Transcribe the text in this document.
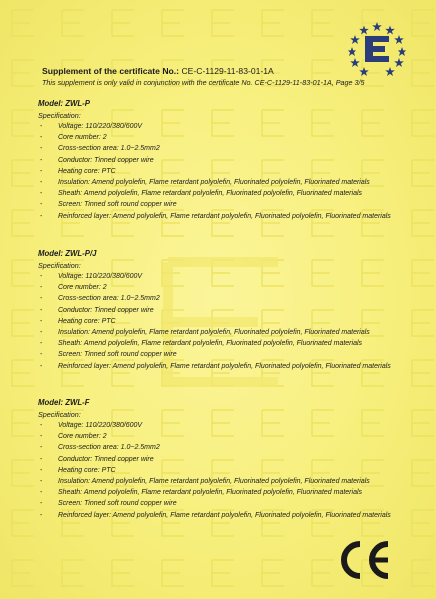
Supplement of the certificate No.: CE-C-1129-11-83-01-1A
This supplement is only valid in conjunction with the certificate No. CE-C-1129-11-83-01-1A, Page 3/5
Model: ZWL-P
Specification:
- Voltage: 110/220/380/600V
- Core number: 2
- Cross-section area: 1.0~2.5mm2
- Conductor: Tinned copper wire
- Heating core: PTC
- Insulation: Amend polyolefin, Flame retardant polyolefin, Fluorinated polyolefin, Fluorinated materials
- Sheath: Amend polyolefin, Flame retardant polyolefin, Fluorinated polyolefin, Fluorinated materials
- Screen: Tinned soft round copper wire
- Reinforced layer: Amend polyolefin, Flame retardant polyolefin, Fluorinated polyolefin, Fluorinated materials
Model: ZWL-P/J
Specification:
- Voltage: 110/220/380/600V
- Core number: 2
- Cross-section area: 1.0~2.5mm2
- Conductor: Tinned copper wire
- Heating core: PTC
- Insulation: Amend polyolefin, Flame retardant polyolefin, Fluorinated polyolefin, Fluorinated materials
- Sheath: Amend polyolefin, Flame retardant polyolefin, Fluorinated polyolefin, Fluorinated materials
- Screen: Tinned soft round copper wire
- Reinforced layer: Amend polyolefin, Flame retardant polyolefin, Fluorinated polyolefin, Fluorinated materials
Model: ZWL-F
Specification:
- Voltage: 110/220/380/600V
- Core number: 2
- Cross-section area: 1.0~2.5mm2
- Conductor: Tinned copper wire
- Heating core: PTC
- Insulation: Amend polyolefin, Flame retardant polyolefin, Fluorinated polyolefin, Fluorinated materials
- Sheath: Amend polyolefin, Flame retardant polyolefin, Fluorinated polyolefin, Fluorinated materials
- Screen: Tinned soft round copper wire
- Reinforced layer: Amend polyolefin, Flame retardant polyolefin, Fluorinated polyolefin, Fluorinated materials
